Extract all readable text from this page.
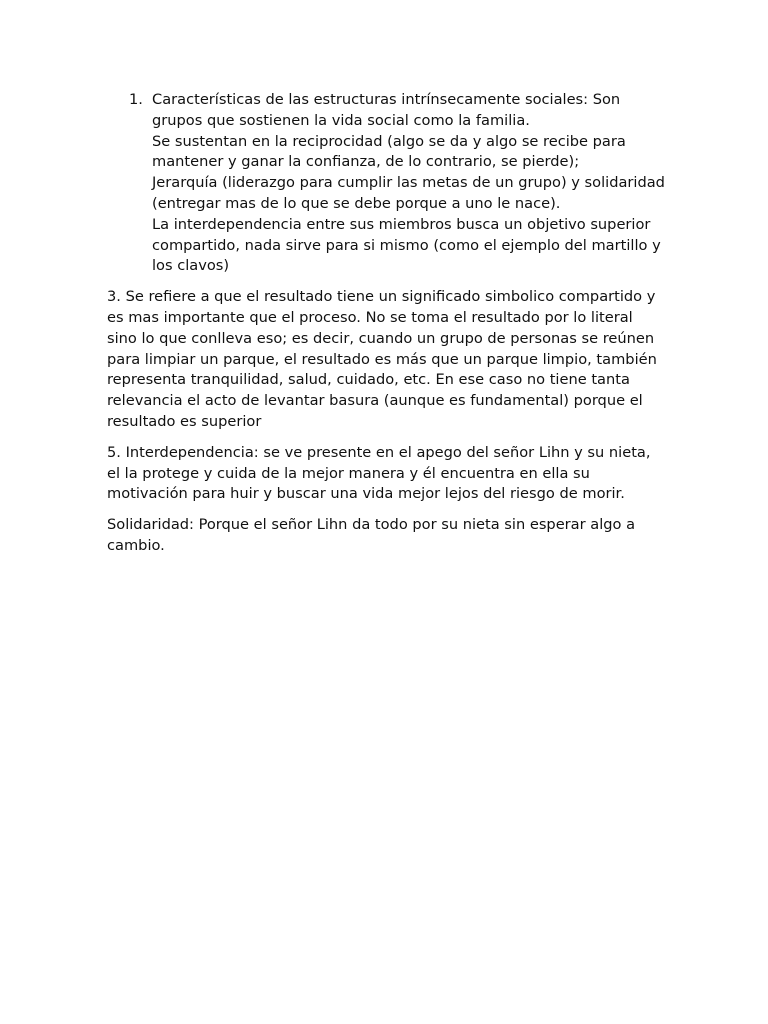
1. Características de las estructuras intrínsecamente sociales: Son grupos que sostienen la vida social como la familia.
Se sustentan en la reciprocidad (algo se da y algo se recibe para mantener y ganar la confianza, de lo contrario, se pierde);
Jerarquía (liderazgo para cumplir las metas de un grupo) y solidaridad (entregar mas de lo que se debe porque a uno le nace).
La interdependencia entre sus miembros busca un objetivo superior compartido, nada sirve para si mismo (como el ejemplo del martillo y los clavos)

3. Se refiere a que el resultado tiene un significado simbolico compartido y es mas importante que el proceso. No se toma el resultado por lo literal sino lo que conlleva eso; es decir, cuando un grupo de personas se reúnen para limpiar un parque, el resultado es más que un parque limpio, también representa tranquilidad, salud, cuidado, etc. En ese caso no tiene tanta relevancia el acto de levantar basura (aunque es fundamental) porque el resultado es superior

5. Interdependencia: se ve presente en el apego del señor Lihn y su nieta, el la protege y cuida de la mejor manera y él encuentra en ella su motivación para huir y buscar una vida mejor lejos del riesgo de morir.

Solidaridad: Porque el señor Lihn da todo por su nieta sin esperar algo a cambio.
